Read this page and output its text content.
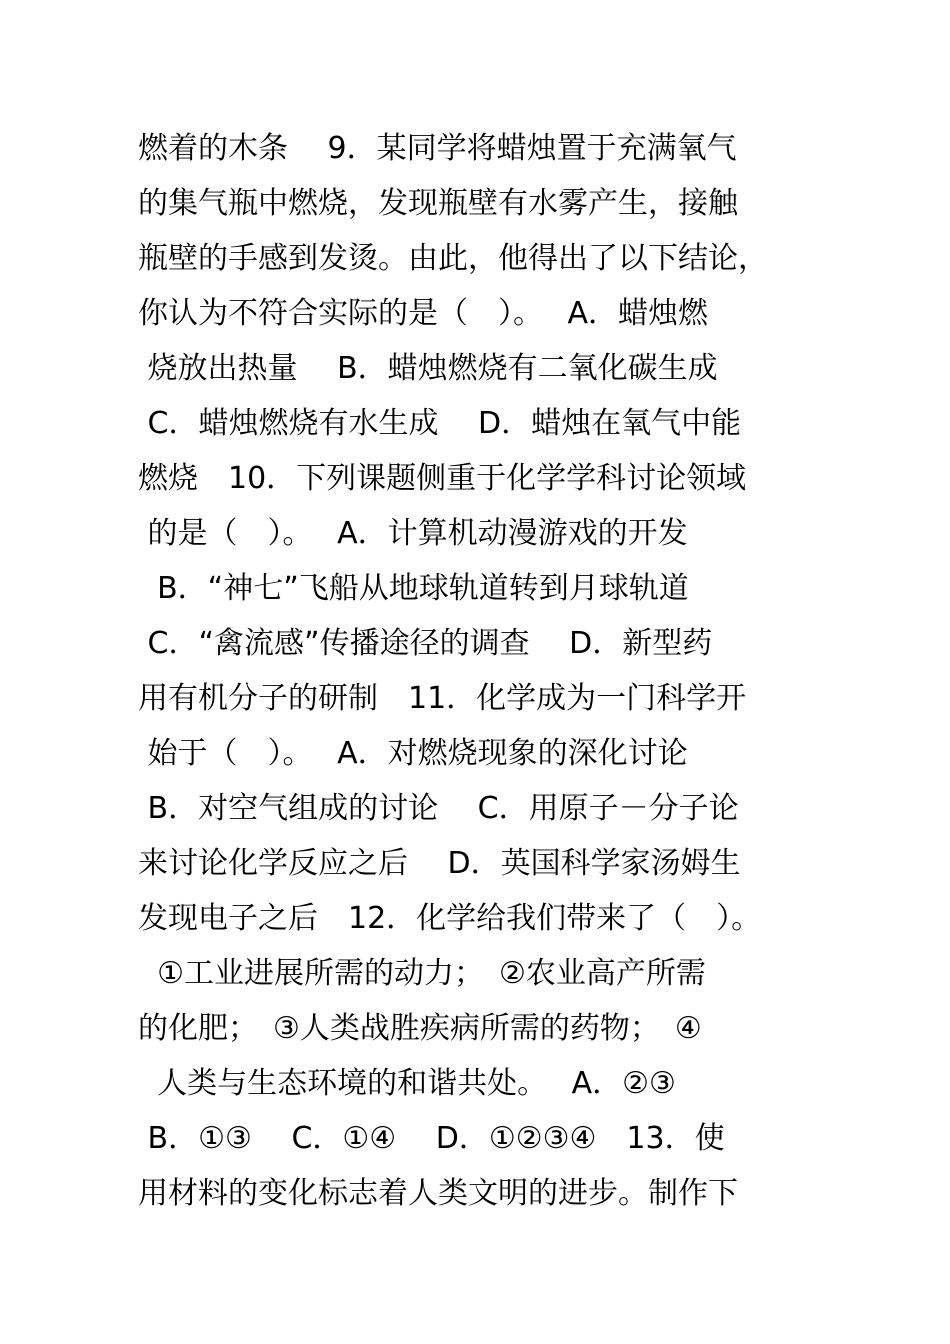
燃着的木条　 9．某同学将蜡烛置于充满氧气
的集气瓶中燃烧，发现瓶壁有水雾产生，接触
瓶壁的手感到发烫。由此，他得出了以下结论，
你认为不符合实际的是（　）。　 A．蜡烛燃
烧放出热量　 B．蜡烛燃烧有二氧化碳生成
C．蜡烛燃烧有水生成　 D．蜡烛在氧气中能
燃烧　10．下列课题侧重于化学学科讨论领域
的是（　）。　 A．计算机动漫游戏的开发
B．“神七”飞船从地球轨道转到月球轨道
C．“禽流感”传播途径的调查　 D．新型药
用有机分子的研制　11．化学成为一门科学开
始于（　）。　 A．对燃烧现象的深化讨论
B．对空气组成的讨论　 C．用原子－分子论
来讨论化学反应之后　 D．英国科学家汤姆生
发现电子之后　12．化学给我们带来了（　）。
①工业进展所需的动力；　②农业高产所需
的化肥；　③人类战胜疾病所需的药物；　④
人类与生态环境的和谐共处。　 A．②③
B．①③　 C．①④　 D．①②③④　13．使
用材料的变化标志着人类文明的进步。制作下
